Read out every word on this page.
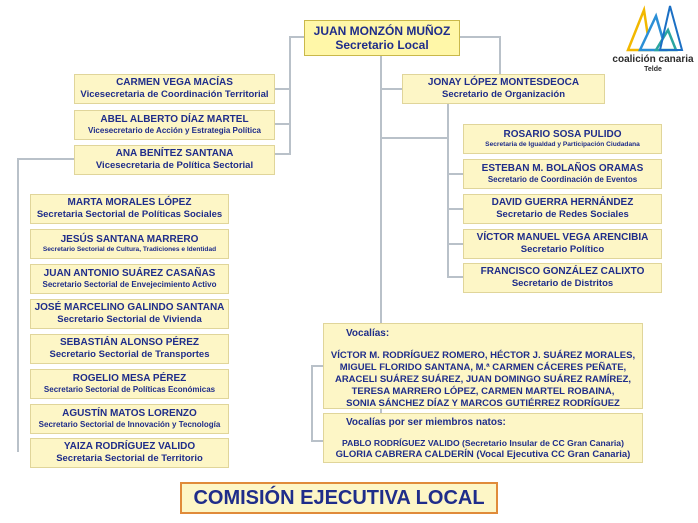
coalición canaria
Telde
JUAN MONZÓN MUÑOZ
Secretario Local
CARMEN VEGA MACÍAS
Vicesecretaria de Coordinación Territorial
ABEL ALBERTO DÍAZ MARTEL
Vicesecretario de Acción y Estrategia Política
ANA BENÍTEZ SANTANA
Vicesecretaria de Política Sectorial
MARTA MORALES LÓPEZ
Secretaria Sectorial de Políticas Sociales
JESÚS SANTANA MARRERO
Secretario Sectorial de Cultura, Tradiciones e Identidad
JUAN ANTONIO SUÁREZ CASAÑAS
Secretario Sectorial de Envejecimiento Activo
JOSÉ MARCELINO GALINDO SANTANA
Secretario Sectorial de Vivienda
SEBASTIÁN ALONSO PÉREZ
Secretario Sectorial de Transportes
ROGELIO MESA PÉREZ
Secretario Sectorial de Políticas Económicas
AGUSTÍN MATOS LORENZO
Secretario Sectorial de Innovación y Tecnología
YAIZA RODRÍGUEZ VALIDO
Secretaria Sectorial de Territorio
JONAY LÓPEZ MONTESDEOCA
Secretario de Organización
ROSARIO SOSA PULIDO
Secretaria de Igualdad y Participación Ciudadana
ESTEBAN M. BOLAÑOS ORAMAS
Secretario de Coordinación de Eventos
DAVID GUERRA HERNÁNDEZ
Secretario de Redes Sociales
VÍCTOR MANUEL VEGA ARENCIBIA
Secretario Político
FRANCISCO GONZÁLEZ CALIXTO
Secretario de Distritos
Vocalías:
VÍCTOR M. RODRÍGUEZ ROMERO, HÉCTOR J. SUÁREZ MORALES,
MIGUEL FLORIDO SANTANA, M.ª CARMEN CÁCERES PEÑATE,
ARACELI SUÁREZ SUÁREZ, JUAN DOMINGO SUÁREZ RAMÍREZ,
TERESA MARRERO LÓPEZ, CARMEN MARTEL ROBAINA,
SONIA SÁNCHEZ DÍAZ Y MARCOS GUTIÉRREZ RODRÍGUEZ
Vocalías por ser miembros natos:
PABLO RODRÍGUEZ VALIDO (Secretario Insular de CC Gran Canaria)
GLORIA CABRERA CALDERÍN (Vocal Ejecutiva CC Gran Canaria)
COMISIÓN EJECUTIVA LOCAL
